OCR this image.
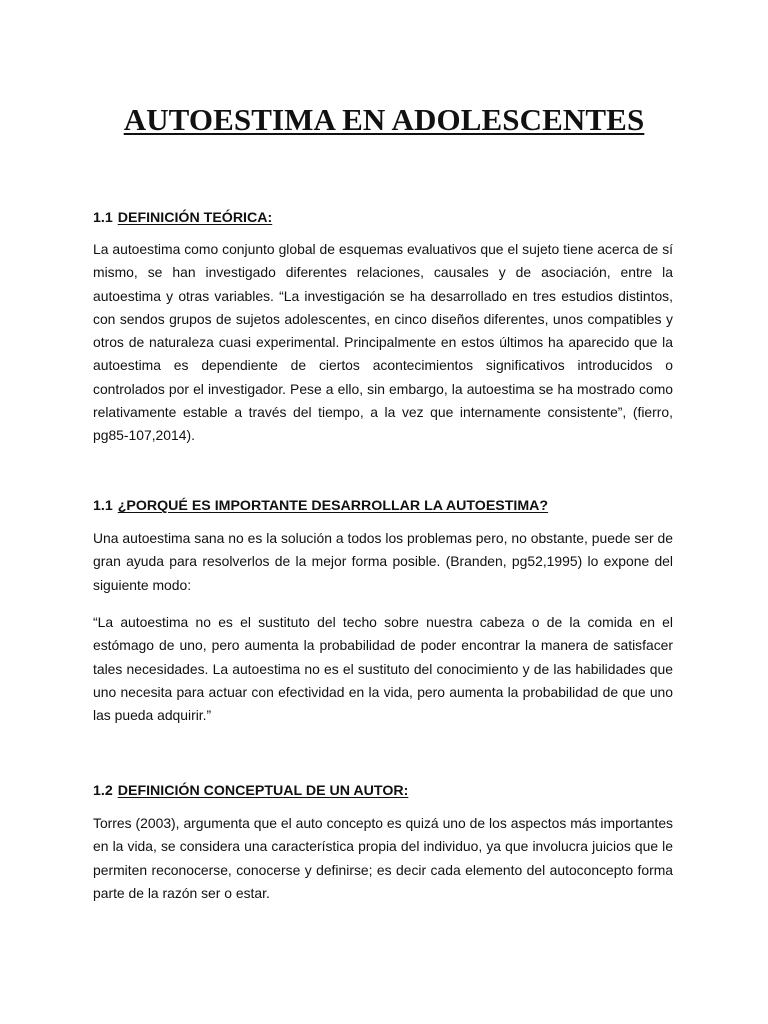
AUTOESTIMA EN ADOLESCENTES
1.1 DEFINICIÓN TEÓRICA:

La autoestima como conjunto global de esquemas evaluativos que el sujeto tiene acerca de sí mismo, se han investigado diferentes relaciones, causales y de asociación, entre la autoestima y otras variables. “La investigación se ha desarrollado en tres estudios distintos, con sendos grupos de sujetos adolescentes, en cinco diseños diferentes, unos compatibles y otros de naturaleza cuasi experimental. Principalmente en estos últimos ha aparecido que la autoestima es dependiente de ciertos acontecimientos significativos introducidos o controlados por el investigador. Pese a ello, sin embargo, la autoestima se ha mostrado como relativamente estable a través del tiempo, a la vez que internamente consistente”, (fierro, pg85-107,2014).

1.1 ¿PORQUÉ ES IMPORTANTE DESARROLLAR LA AUTOESTIMA?

Una autoestima sana no es la solución a todos los problemas pero, no obstante, puede ser de gran ayuda para resolverlos de la mejor forma posible. (Branden, pg52,1995) lo expone del siguiente modo:

“La autoestima no es el sustituto del techo sobre nuestra cabeza o de la comida en el estómago de uno, pero aumenta la probabilidad de poder encontrar la manera de satisfacer tales necesidades. La autoestima no es el sustituto del conocimiento y de las habilidades que uno necesita para actuar con efectividad en la vida, pero aumenta la probabilidad de que uno las pueda adquirir.”

1.2 DEFINICIÓN CONCEPTUAL DE UN AUTOR:

Torres (2003), argumenta que el auto concepto es quizá uno de los aspectos más importantes en la vida, se considera una característica propia del individuo, ya que involucra juicios que le permiten reconocerse, conocerse y definirse; es decir cada elemento del autoconcepto forma parte de la razón ser o estar.
